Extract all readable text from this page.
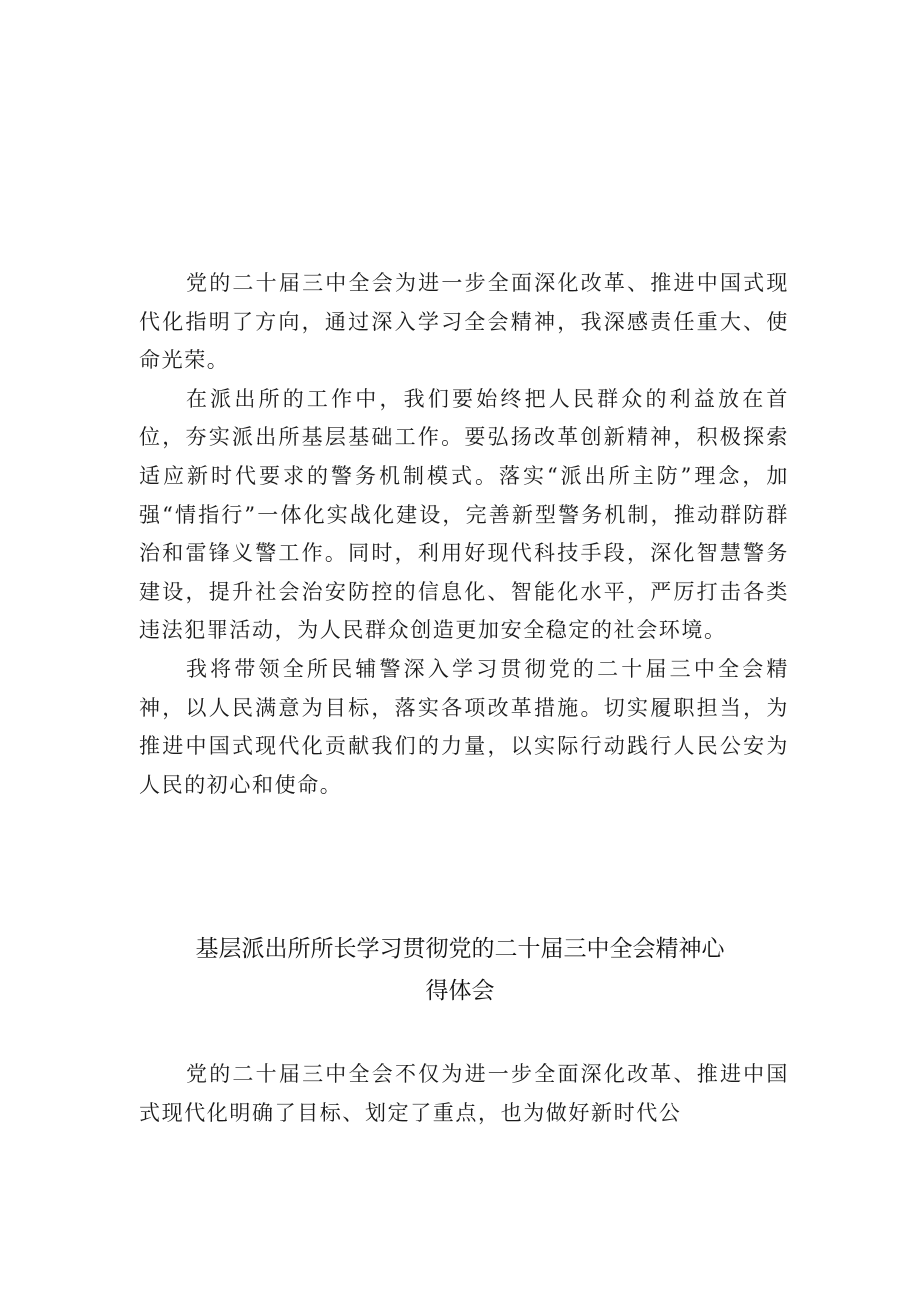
党的二十届三中全会为进一步全面深化改革、推进中国式现代化指明了方向，通过深入学习全会精神，我深感责任重大、使命光荣。

在派出所的工作中，我们要始终把人民群众的利益放在首位，夯实派出所基层基础工作。要弘扬改革创新精神，积极探索适应新时代要求的警务机制模式。落实“派出所主防”理念，加强“情指行”一体化实战化建设，完善新型警务机制，推动群防群治和雷锋义警工作。同时，利用好现代科技手段，深化智慧警务建设，提升社会治安防控的信息化、智能化水平，严厉打击各类违法犯罪活动，为人民群众创造更加安全稳定的社会环境。

我将带领全所民辅警深入学习贯彻党的二十届三中全会精神，以人民满意为目标，落实各项改革措施。切实履职担当，为推进中国式现代化贡献我们的力量，以实际行动践行人民公安为人民的初心和使命。

基层派出所所长学习贯彻党的二十届三中全会精神心
得体会

党的二十届三中全会不仅为进一步全面深化改革、推进中国式现代化明确了目标、划定了重点，也为做好新时代公
